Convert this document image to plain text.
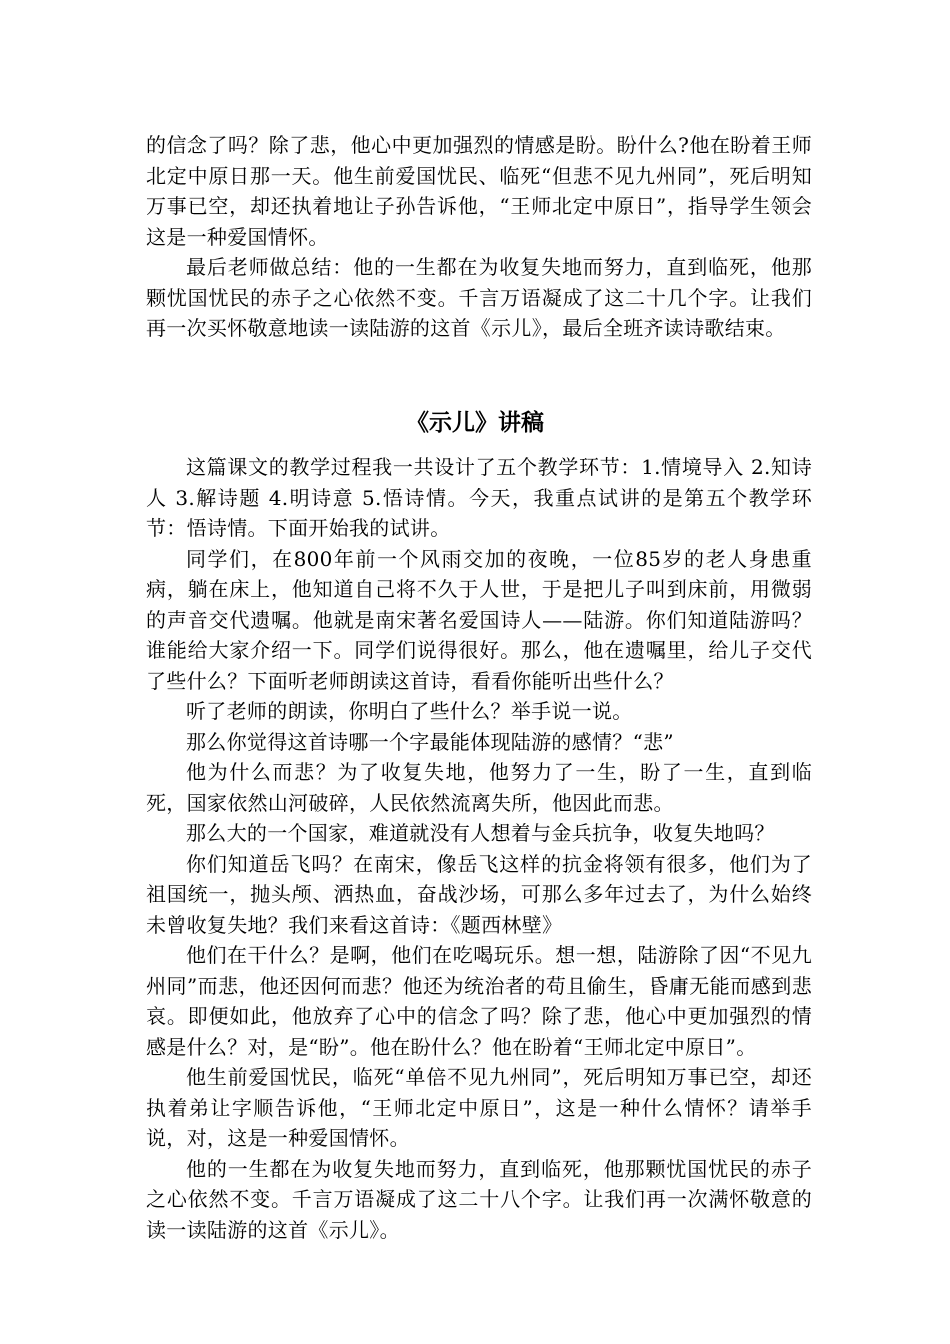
的信念了吗？除了悲，他心中更加强烈的情感是盼。盼什么?他在盼着王师北定中原日那一天。他生前爱国忧民、临死“但悲不见九州同”，死后明知万事已空，却还执着地让子孙告诉他，“王师北定中原日”，指导学生领会这是一种爱国情怀。

最后老师做总结：他的一生都在为收复失地而努力，直到临死，他那颗忧国忧民的赤子之心依然不变。千言万语凝成了这二十几个字。让我们再一次买怀敬意地读一读陆游的这首《示儿》，最后全班齐读诗歌结束。

《示儿》讲稿

这篇课文的教学过程我一共设计了五个教学环节：1.情境导入 2.知诗人 3.解诗题 4.明诗意 5.悟诗情。今天，我重点试讲的是第五个教学环节：悟诗情。下面开始我的试讲。

同学们，在800年前一个风雨交加的夜晚，一位85岁的老人身患重病，躺在床上，他知道自己将不久于人世，于是把儿子叫到床前，用微弱的声音交代遗嘱。他就是南宋著名爱国诗人——陆游。你们知道陆游吗？谁能给大家介绍一下。同学们说得很好。那么，他在遗嘱里，给儿子交代了些什么？下面听老师朗读这首诗，看看你能听出些什么？

听了老师的朗读，你明白了些什么？举手说一说。

那么你觉得这首诗哪一个字最能体现陆游的感情？“悲”

他为什么而悲？为了收复失地，他努力了一生，盼了一生，直到临死，国家依然山河破碎，人民依然流离失所，他因此而悲。

那么大的一个国家，难道就没有人想着与金兵抗争，收复失地吗？

你们知道岳飞吗？在南宋，像岳飞这样的抗金将领有很多，他们为了祖国统一，抛头颅、洒热血，奋战沙场，可那么多年过去了，为什么始终未曾收复失地？我们来看这首诗：《题西林壁》

他们在干什么？是啊，他们在吃喝玩乐。想一想，陆游除了因“不见九州同”而悲，他还因何而悲？他还为统治者的苟且偷生，昏庸无能而感到悲哀。即便如此，他放弃了心中的信念了吗？除了悲，他心中更加强烈的情感是什么？对，是“盼”。他在盼什么？他在盼着“王师北定中原日”。

他生前爱国忧民，临死“单倍不见九州同”，死后明知万事已空，却还执着弟让字顺告诉他，“王师北定中原日”，这是一种什么情怀？请举手说，对，这是一种爱国情怀。

他的一生都在为收复失地而努力，直到临死，他那颗忧国忧民的赤子之心依然不变。千言万语凝成了这二十八个字。让我们再一次满怀敬意的读一读陆游的这首《示儿》。
